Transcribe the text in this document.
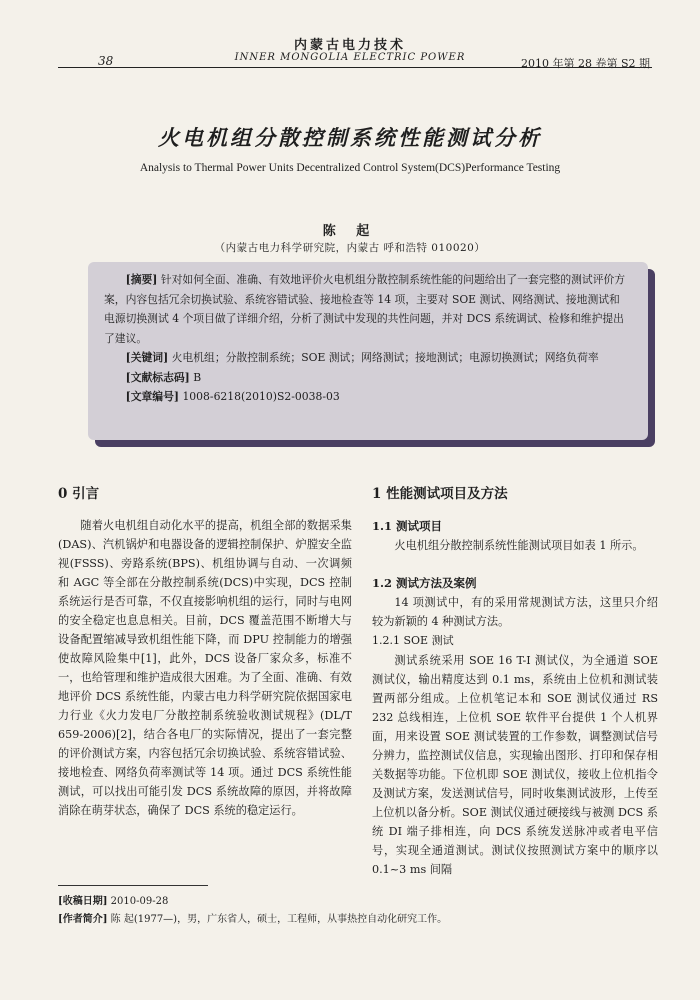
内蒙古电力技术
INNER MONGOLIA ELECTRIC POWER
38	2010 年第 28 卷第 S2 期
火电机组分散控制系统性能测试分析
Analysis to Thermal Power Units Decentralized Control System(DCS)Performance Testing
陈 起
（内蒙古电力科学研究院，内蒙古 呼和浩特 010020）

[摘要] 针对如何全面、准确、有效地评价火电机组分散控制系统性能的问题给出了一套完整的测试评价方案，内容包括冗余切换试验、系统容错试验、接地检查等 14 项，主要对 SOE 测试、网络测试、接地测试和电源切换测试 4 个项目做了详细介绍，分析了测试中发现的共性问题，并对 DCS 系统调试、检修和维护提出了建议。

[关键词] 火电机组；分散控制系统；SOE 测试；网络测试；接地测试；电源切换测试；网络负荷率

[文献标志码] B

[文章编号] 1008-6218(2010)S2-0038-03

0 引言

随着火电机组自动化水平的提高，机组全部的数据采集(DAS)、汽机锅炉和电器设备的逻辑控制保护、炉膛安全监视(FSSS)、旁路系统(BPS)、机组协调与自动、一次调频和 AGC 等全部在分散控制系统(DCS)中实现，DCS 控制系统运行是否可靠，不仅直接影响机组的运行，同时与电网的安全稳定也息息相关。目前，DCS 覆盖范围不断增大与设备配置缩减导致机组性能下降，而 DPU 控制能力的增强使故障风险集中[1]，此外，DCS 设备厂家众多，标准不一，也给管理和维护造成很大困难。为了全面、准确、有效地评价 DCS 系统性能，内蒙古电力科学研究院依据国家电力行业《火力发电厂分散控制系统验收测试规程》(DL/T 659-2006)[2]，结合各电厂的实际情况，提出了一套完整的评价测试方案，内容包括冗余切换试验、系统容错试验、接地检查、网络负荷率测试等 14 项。通过 DCS 系统性能测试，可以找出可能引发 DCS 系统故障的原因，并将故障消除在萌芽状态，确保了 DCS 系统的稳定运行。

1 性能测试项目及方法
1.1 测试项目

火电机组分散控制系统性能测试项目如表 1 所示。

1.2 测试方法及案例

14 项测试中，有的采用常规测试方法，这里只介绍较为新颖的 4 种测试方法。

1.2.1 SOE 测试

测试系统采用 SOE 16 T-I 测试仪，为全通道 SOE 测试仪，输出精度达到 0.1 ms，系统由上位机和测试装置两部分组成。上位机笔记本和 SOE 测试仪通过 RS 232 总线相连，上位机 SOE 软件平台提供 1 个人机界面，用来设置 SOE 测试装置的工作参数，调整测试信号分辨力，监控测试仪信息，实现输出图形、打印和保存相关数据等功能。下位机即 SOE 测试仪，接收上位机指令及测试方案，发送测试信号，同时收集测试波形，上传至上位机以备分析。SOE 测试仪通过硬接线与被测 DCS 系统 DI 端子排相连，向 DCS 系统发送脉冲或者电平信号，实现全通道测试。测试仪按照测试方案中的顺序以 0.1~3 ms 间隔

[收稿日期] 2010-09-28
[作者简介] 陈 起(1977—)，男，广东省人，硕士，工程师，从事热控自动化研究工作。
